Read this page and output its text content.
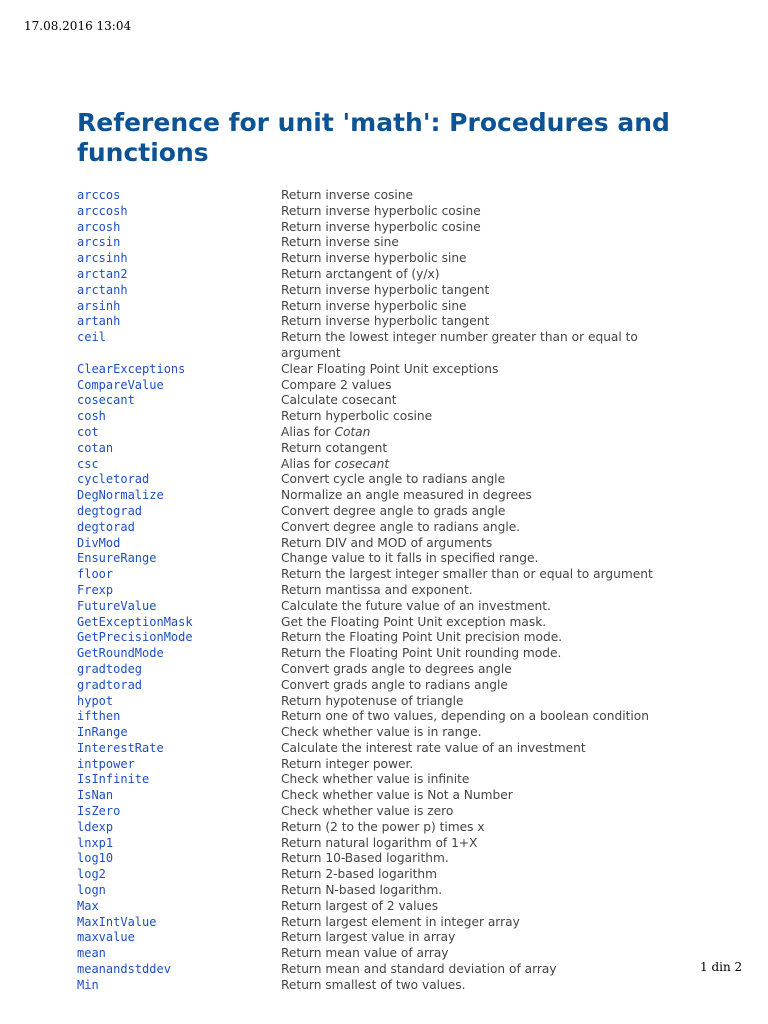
17.08.2016 13:04
Reference for unit 'math': Procedures and functions
arccos	Return inverse cosine
arccosh	Return inverse hyperbolic cosine
arcosh	Return inverse hyperbolic cosine
arcsin	Return inverse sine
arcsinh	Return inverse hyperbolic sine
arctan2	Return arctangent of (y/x)
arctanh	Return inverse hyperbolic tangent
arsinh	Return inverse hyperbolic sine
artanh	Return inverse hyperbolic tangent
ceil	Return the lowest integer number greater than or equal to argument
ClearExceptions	Clear Floating Point Unit exceptions
CompareValue	Compare 2 values
cosecant	Calculate cosecant
cosh	Return hyperbolic cosine
cot	Alias for Cotan
cotan	Return cotangent
csc	Alias for cosecant
cycletorad	Convert cycle angle to radians angle
DegNormalize	Normalize an angle measured in degrees
degtograd	Convert degree angle to grads angle
degtorad	Convert degree angle to radians angle.
DivMod	Return DIV and MOD of arguments
EnsureRange	Change value to it falls in specified range.
floor	Return the largest integer smaller than or equal to argument
Frexp	Return mantissa and exponent.
FutureValue	Calculate the future value of an investment.
GetExceptionMask	Get the Floating Point Unit exception mask.
GetPrecisionMode	Return the Floating Point Unit precision mode.
GetRoundMode	Return the Floating Point Unit rounding mode.
gradtodeg	Convert grads angle to degrees angle
gradtorad	Convert grads angle to radians angle
hypot	Return hypotenuse of triangle
ifthen	Return one of two values, depending on a boolean condition
InRange	Check whether value is in range.
InterestRate	Calculate the interest rate value of an investment
intpower	Return integer power.
IsInfinite	Check whether value is infinite
IsNan	Check whether value is Not a Number
IsZero	Check whether value is zero
ldexp	Return (2 to the power p) times x
lnxp1	Return natural logarithm of 1+X
log10	Return 10-Based logarithm.
log2	Return 2-based logarithm
logn	Return N-based logarithm.
Max	Return largest of 2 values
MaxIntValue	Return largest element in integer array
maxvalue	Return largest value in array
mean	Return mean value of array
meanandstddev	Return mean and standard deviation of array
Min	Return smallest of two values.
1 din 2
